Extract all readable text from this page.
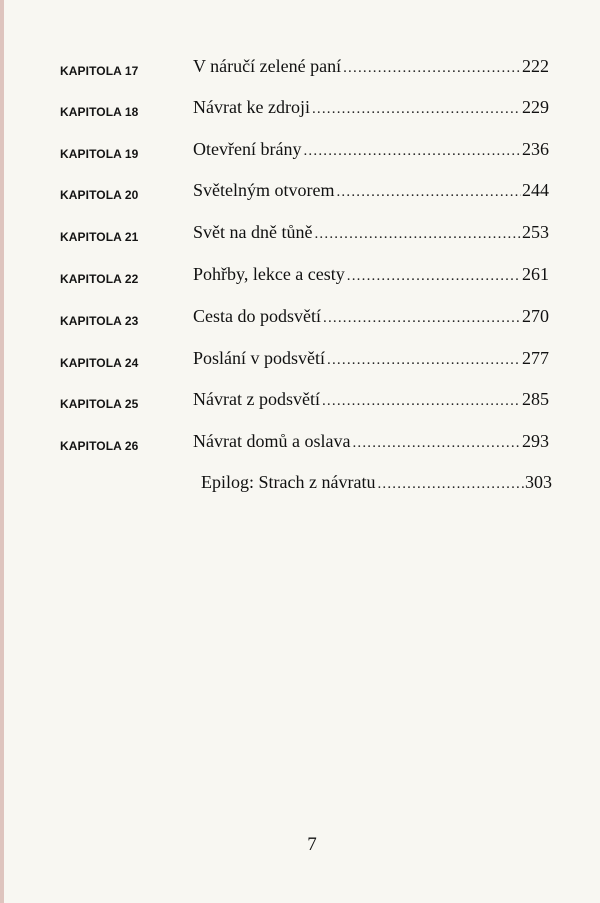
KAPITOLA 17	V náručí zelené paní .....	222
KAPITOLA 18	Návrat ke zdroji .....	229
KAPITOLA 19	Otevření brány .....	236
KAPITOLA 20	Světelným otvorem .....	244
KAPITOLA 21	Svět na dně tůně .....	253
KAPITOLA 22	Pohřby, lekce a cesty .....	261
KAPITOLA 23	Cesta do podsvětí .....	270
KAPITOLA 24	Poslání v podsvětí .....	277
KAPITOLA 25	Návrat z podsvětí .....	285
KAPITOLA 26	Návrat domů a oslava .....	293
Epilog: Strach z návratu .....	303
7
